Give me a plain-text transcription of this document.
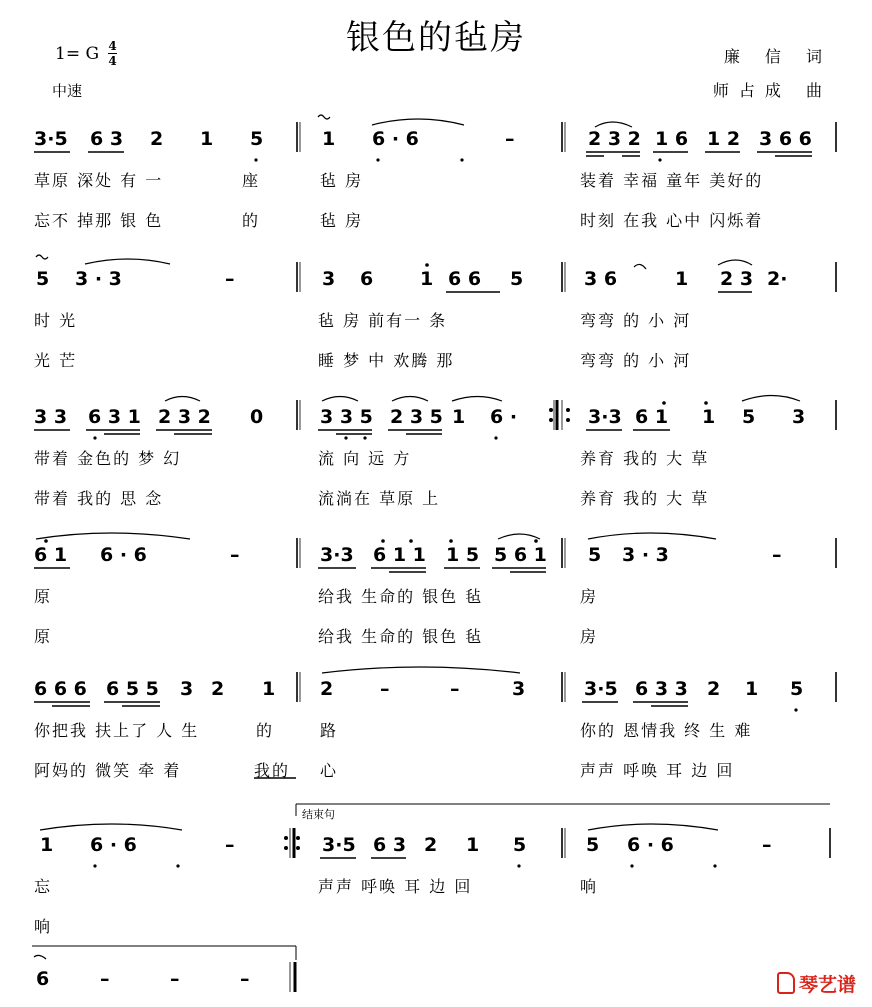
银色的毡房
1= G 4
4
中速
廉 信 词
师占成 曲
结束句
3·5 6 3 2 1 5	1 6 · 6	–	2 3 2 1 6 1 2 3 6 6
草原 深处 有 一	座	毡 房	装着 幸福 童年 美好的
忘不 掉那 银 色	的	毡 房	时刻 在我 心中 闪烁着
5 3 · 3	–	3 6 1 6 6 5	3 6	1 2 3 2·
时 光	毡 房 前有一 条	弯弯 的 小 河
光 芒	睡 梦 中 欢腾 那	弯弯 的 小 河
3 3 6 3 1 2 3 2 0	3 3 5 2 3 5 1 6 ·	3·3 6 1 1 5 3
带着 金色的 梦 幻	流 向 远 方	养育 我的 大 草
带着 我的 思 念	流淌在 草原 上	养育 我的 大 草
6 1 6 · 6	–	3·3 6 1 1 1 5 5 6 1 5 3 · 3	–
原	给我 生命的 银色 毡	房
原	给我 生命的 银色 毡	房
6 6 6 6 5 5 3 2 1 2 –	–	3	3·5 6 3 3 2 1 5
你把我 扶上了 人 生	的	路	你的 恩情我 终 生 难
阿妈的 微笑 牵 着	我的 心	声声 呼唤 耳 边 回
1 6 · 6	–	3·5 6 3 2 1 5	5 6 · 6	–
忘	声声 呼唤 耳 边 回	响
响
6	–	–	–	琴艺谱
